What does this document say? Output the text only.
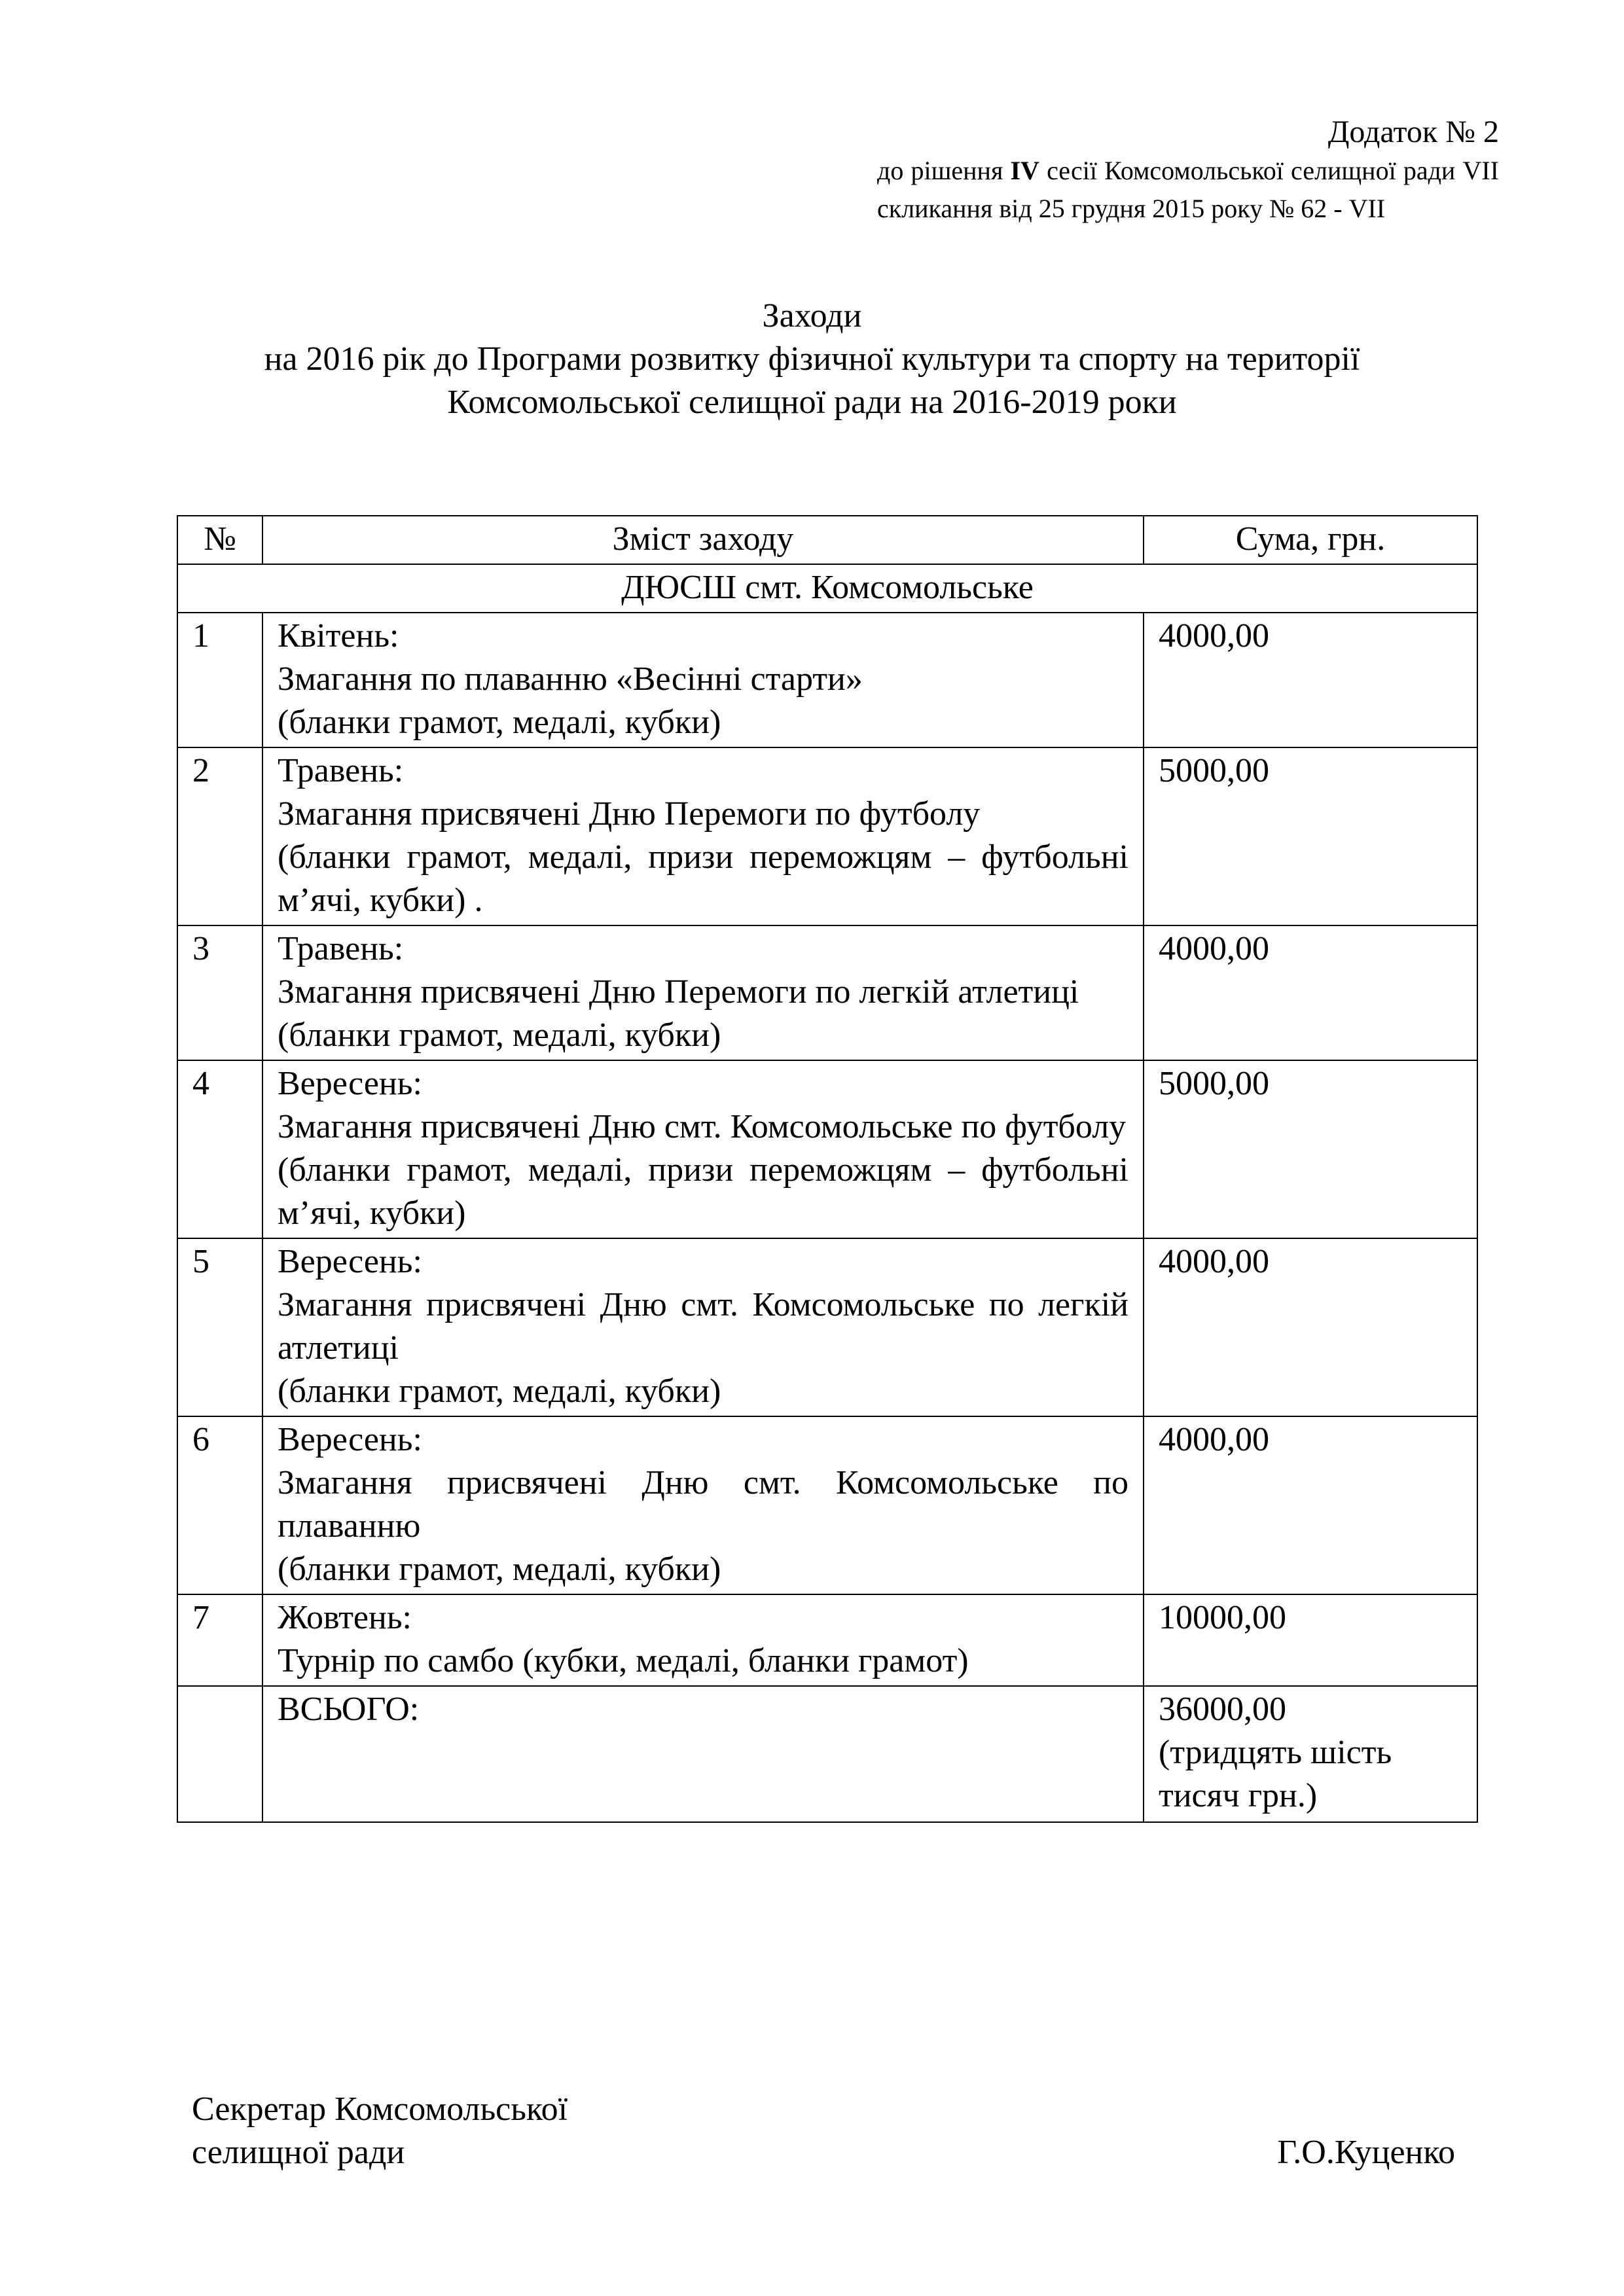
Додаток № 2
до рішення IV сесії Комсомольської селищної ради VII скликання від 25 грудня 2015 року № 62 - VII
Заходи
на 2016 рік до Програми розвитку фізичної культури та спорту на території
Комсомольської селищної ради на 2016-2019 роки
№	Зміст заходу	Сума, грн.
ДЮСШ смт. Комсомольське		
1	Квітень:
Змагання по плаванню «Весінні старти»
(бланки грамот, медалі, кубки)	4000,00
2	Травень:
Змагання присвячені Дню Перемоги по футболу
(бланки грамот, медалі, призи переможцям – футбольні м’ячі, кубки) .	5000,00
3	Травень:
Змагання присвячені Дню Перемоги по легкій атлетиці
(бланки грамот, медалі, кубки)	4000,00
4	Вересень:
Змагання присвячені Дню смт. Комсомольське по футболу
(бланки грамот, медалі, призи переможцям – футбольні м’ячі, кубки)	5000,00
5	Вересень:
Змагання присвячені Дню смт. Комсомольське по легкій атлетиці
(бланки грамот, медалі, кубки)	4000,00
6	Вересень:
Змагання присвячені Дню смт. Комсомольське по плаванню
(бланки грамот, медалі, кубки)	4000,00
7	Жовтень:
Турнір по самбо (кубки, медалі, бланки грамот)	10000,00
	ВСЬОГО:	36000,00
(тридцять шість тисяч грн.)
Секретар Комсомольської
селищної ради	Г.О.Куценко
